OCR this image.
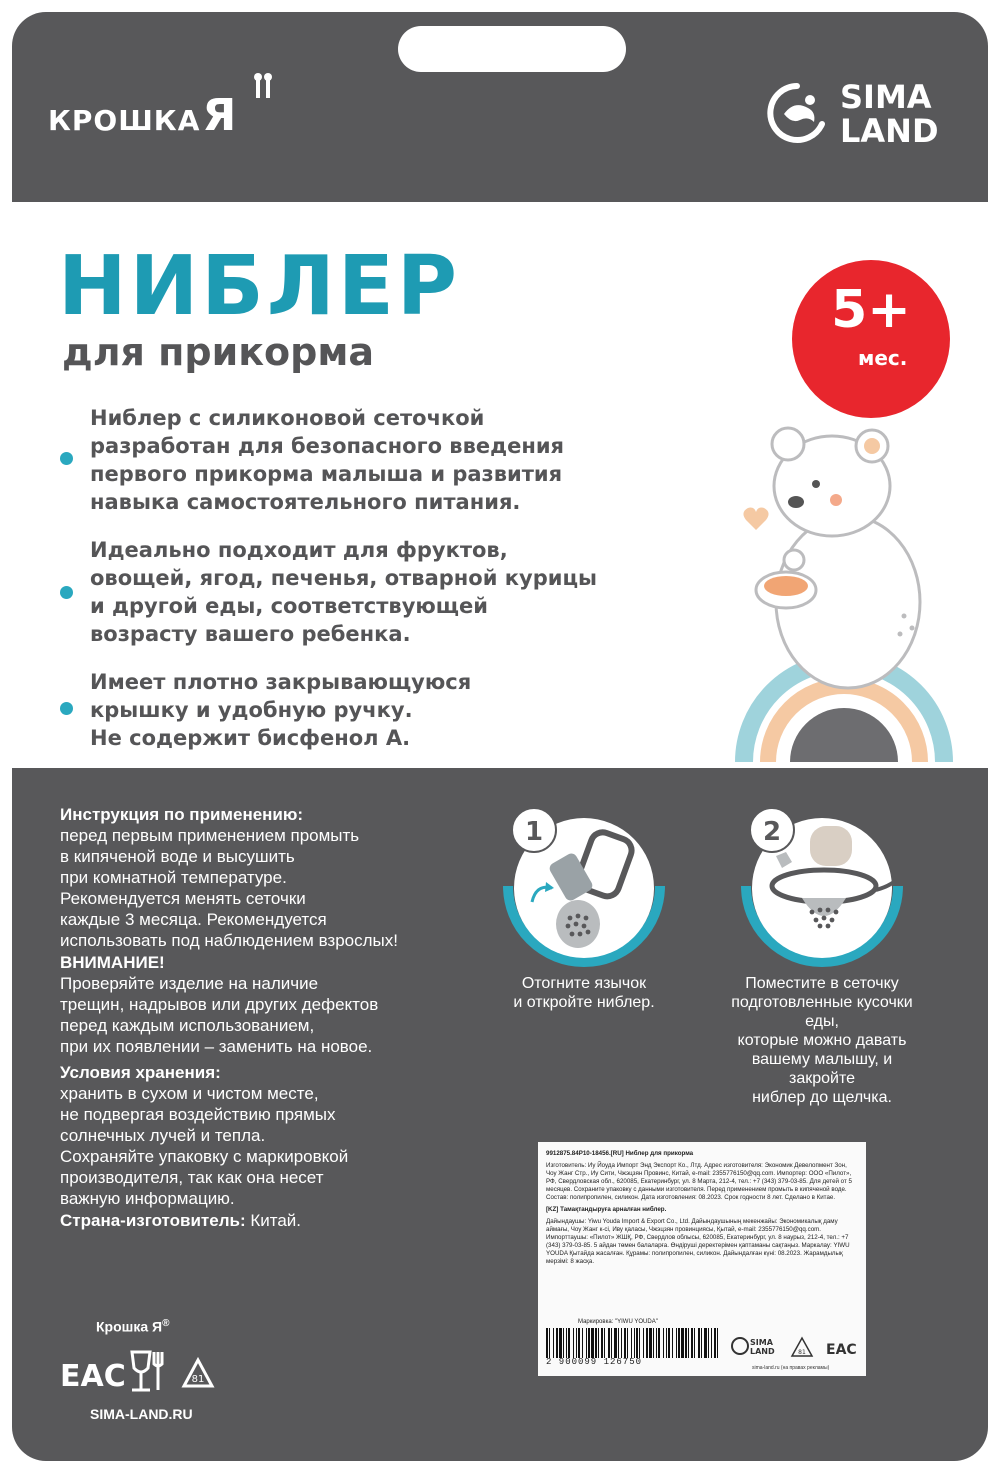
КРОШКАЯ	SIMA
LAND
НИБЛЕР
для прикорма
5+
мес.
Ниблер с силиконовой сеточкой
разработан для безопасного введения
первого прикорма малыша и развития
навыка самостоятельного питания.
Идеально подходит для фруктов,
овощей, ягод, печенья, отварной курицы
и другой еды, соответствующей
возрасту вашего ребенка.
Имеет плотно закрывающуюся
крышку и удобную ручку.
Не содержит бисфенол А.
Инструкция по применению:
перед первым применением промыть
в кипяченой воде и высушить
при комнатной температуре.
Рекомендуется менять сеточки
каждые 3 месяца. Рекомендуется
использовать под наблюдением взрослых!
ВНИМАНИЕ!
Проверяйте изделие на наличие
трещин, надрывов или других дефектов
перед каждым использованием,
при их появлении – заменить на новое.
Условия хранения:
хранить в сухом и чистом месте,
не подвергая воздействию прямых
солнечных лучей и тепла.
Сохраняйте упаковку с маркировкой
производителя, так как она несет
важную информацию.
Страна-изготовитель: Китай.
1
Отогните язычок
и откройте ниблер.
2
Поместите в сеточку
подготовленные кусочки еды,
которые можно давать
вашему малышу, и закройте
ниблер до щелчка.
Крошка Я®
EAC	81
SIMA-LAND.RU

9912875.84Р10-18456.[RU] Ниблер для прикорма

Изготовитель: Иу Йоуда Импорт Энд Экспорт Ко., Лтд. Адрес изготовителя: Экономик Девелопмент Зон, Чоу Жанг Стр., Иу Сити, Чжэцзян Провинс, Китай, e-mail: 2355776150@qq.com. Импортер: ООО «Пилот», РФ, Свердловская обл., 620085, Екатеринбург, ул. 8 Марта, 212-4, тел.: +7 (343) 379-03-85. Для детей от 5 месяцев. Сохраните упаковку с данными изготовителя. Перед применением промыть в кипяченой воде. Состав: полипропилен, силикон. Дата изготовления: 08.2023. Срок годности 8 лет. Сделано в Китае.

[KZ] Тамақтандыруға арналған ниблер.

Дайындаушы: Yiwu Youda Import & Export Co., Ltd. Дайындаушының мекенжайы: Экономикалық даму аймағы, Чоу Жанг к-сі, Иву қаласы, Чжэцзян провинциясы, Қытай, e-mail: 2355776150@qq.com. Импорттаушы: «Пилот» ЖШҚ, РФ, Свердлов облысы, 620085, Екатеринбург, ул. 8 наурыз, 212-4, тел.: +7 (343) 379-03-85. 5 айдан төмен балаларға. Өндіруші деректерімен қаптаманы сақтаңыз. Маркалау: YIWU YOUDA Қытайда жасалған. Құрамы: полипропилен, силикон. Дайындалған күні: 08.2023. Жарамдылық мерзімі: 8 жасқа.

Маркировка: "YIWU YOUDA"
2 900099 126750
EAC
SIMA
LAND	81
sima-land.ru (на правах рекламы)
